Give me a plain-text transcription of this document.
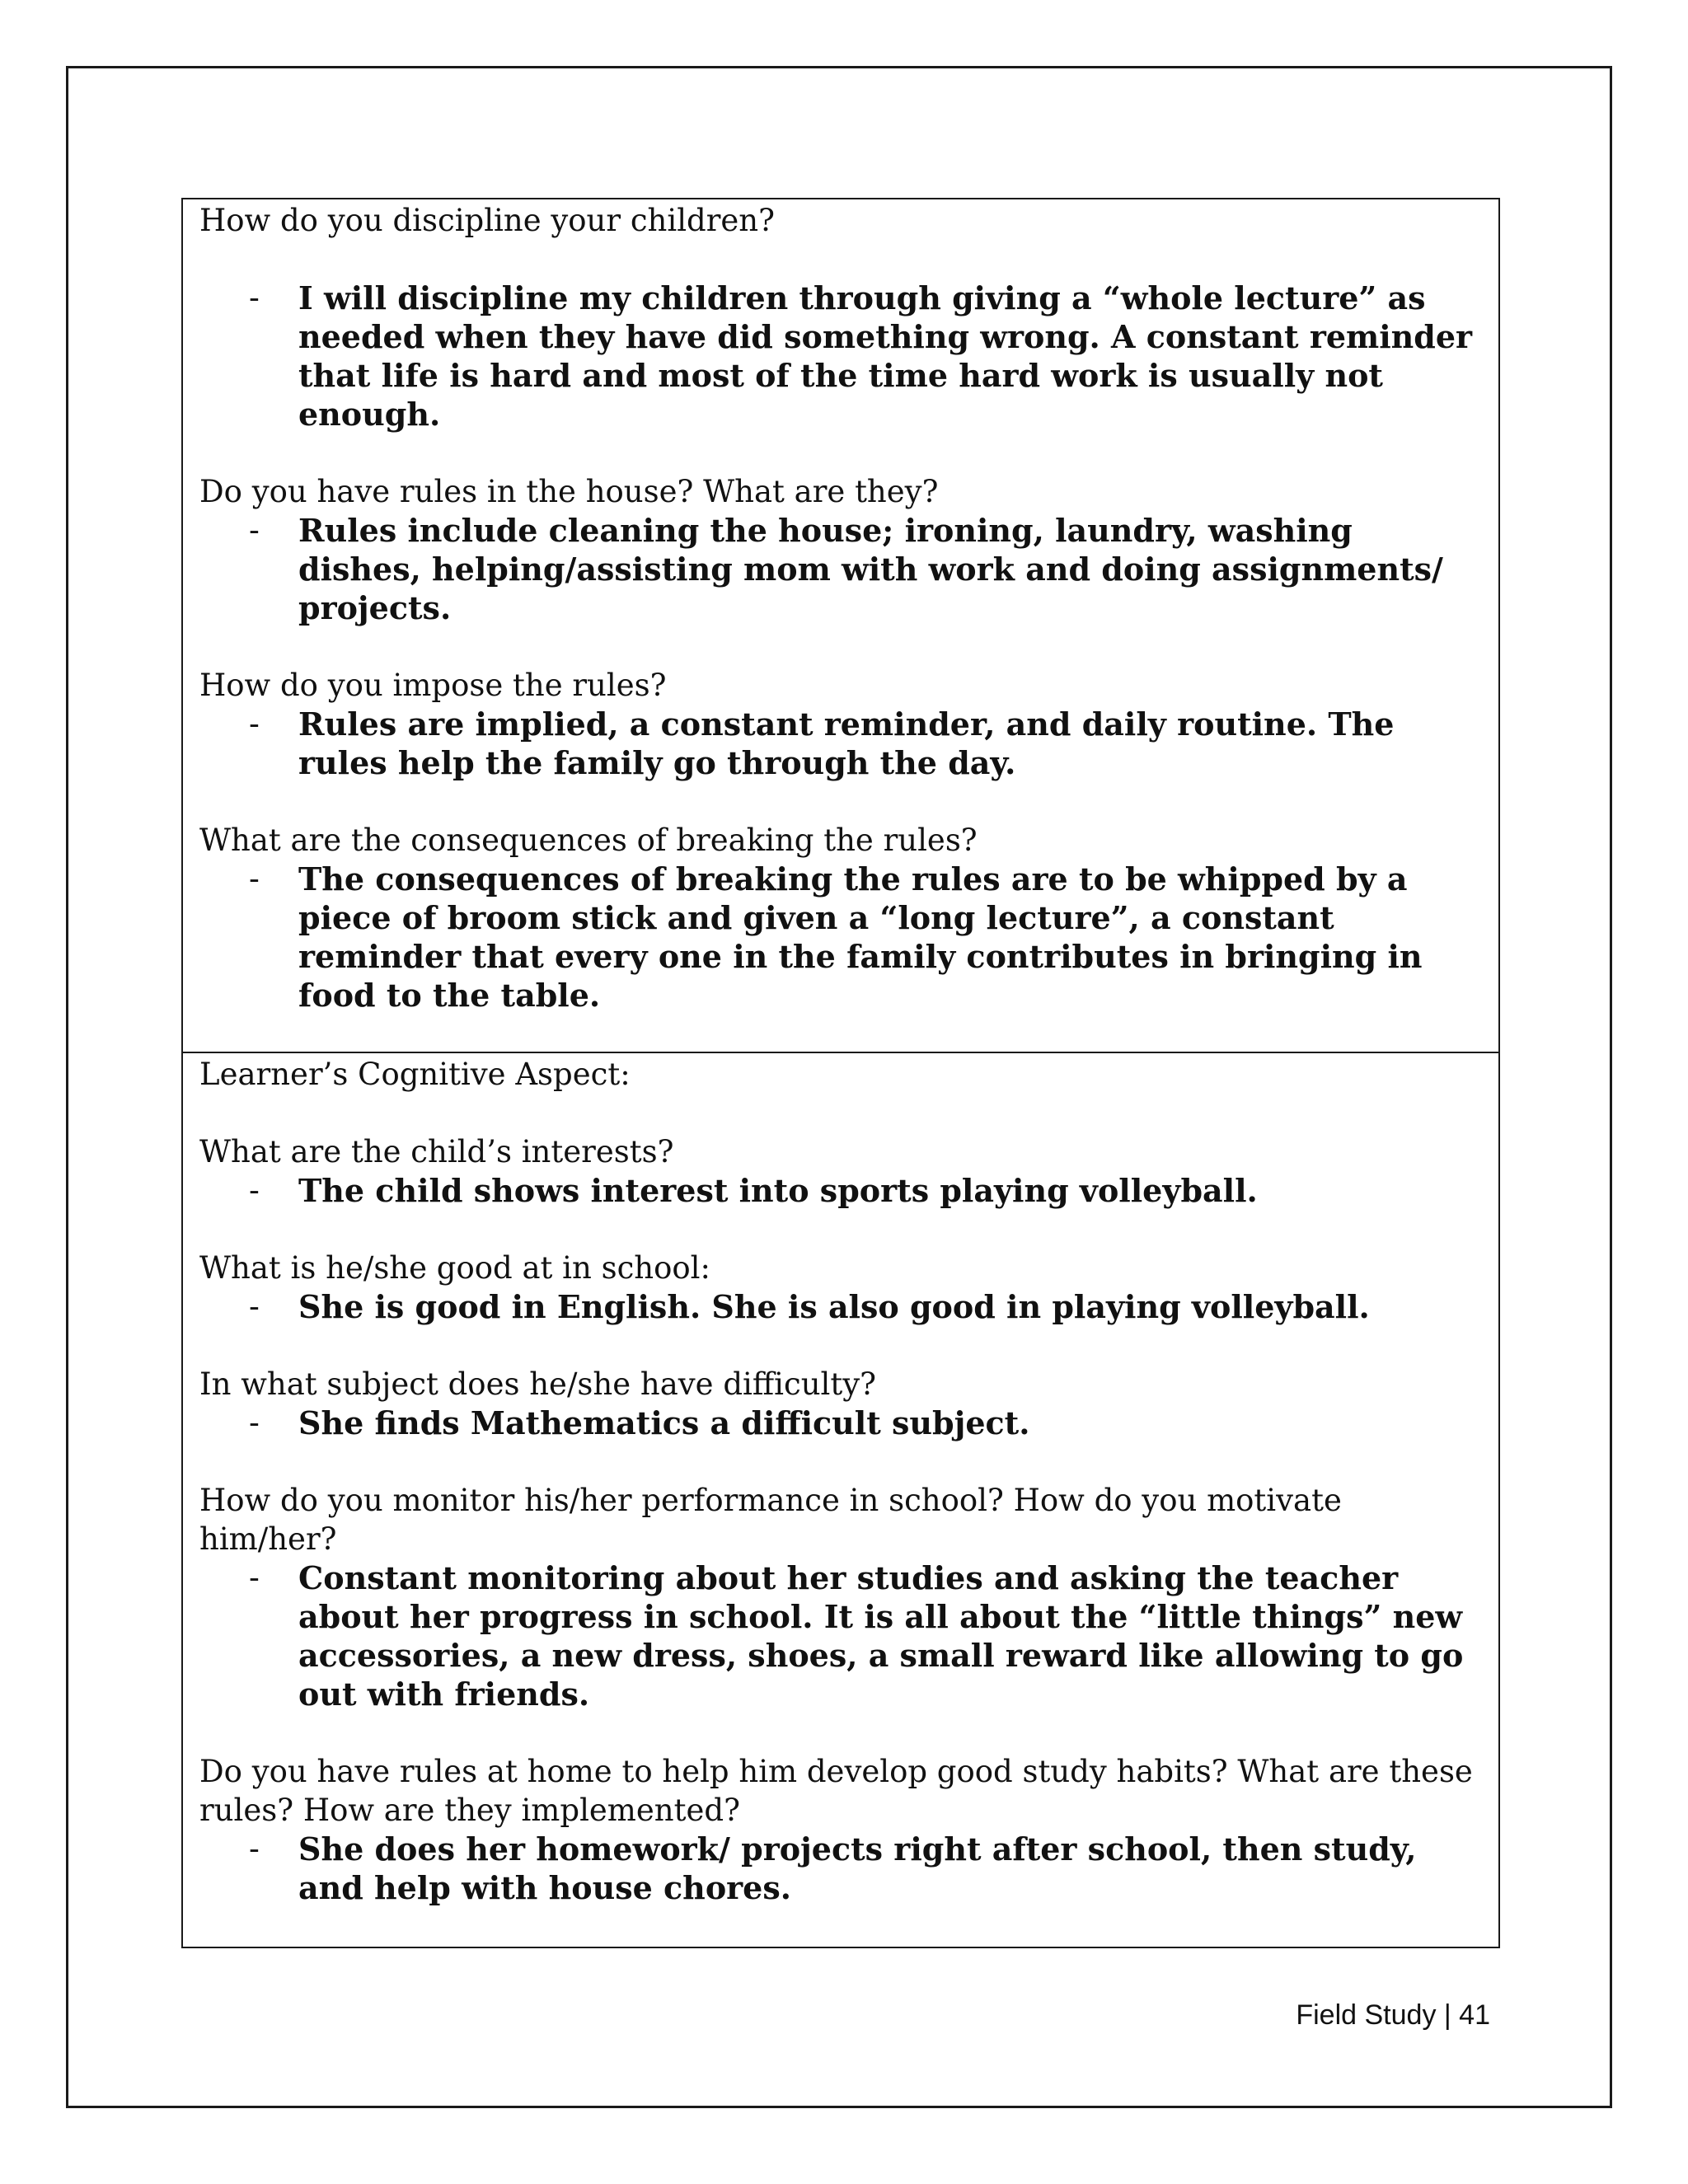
How do you discipline your children?

- I will discipline my children through giving a “whole lecture” as needed when they have did something wrong. A constant reminder that life is hard and most of the time hard work is usually not enough.

Do you have rules in the house? What are they?

- Rules include cleaning the house; ironing, laundry, washing dishes, helping/assisting mom with work and doing assignments/ projects.

How do you impose the rules?

- Rules are implied, a constant reminder, and daily routine. The rules help the family go through the day.

What are the consequences of breaking the rules?

- The consequences of breaking the rules are to be whipped by a piece of broom stick and given a “long lecture”, a constant reminder that every one in the family contributes in bringing in food to the table.

Learner’s Cognitive Aspect:

What are the child’s interests?

- The child shows interest into sports playing volleyball.

What is he/she good at in school:

- She is good in English. She is also good in playing volleyball.

In what subject does he/she have difficulty?

- She finds Mathematics a difficult subject.

How do you monitor his/her performance in school? How do you motivate him/her?

- Constant monitoring about her studies and asking the teacher about her progress in school. It is all about the “little things” new accessories, a new dress, shoes, a small reward like allowing to go out with friends.

Do you have rules at home to help him develop good study habits? What are these rules? How are they implemented?

- She does her homework/ projects right after school, then study, and help with house chores.
Field Study | 41
